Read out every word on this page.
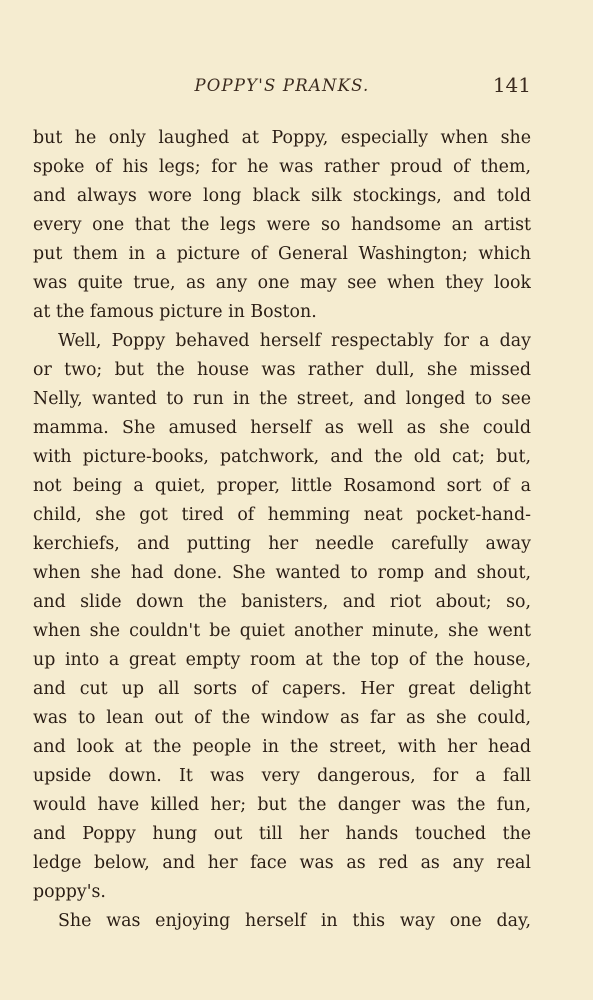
POPPY'S PRANKS.	141
but he only laughed at Poppy, especially when she
spoke of his legs; for he was rather proud of them,
and always wore long black silk stockings, and told
every one that the legs were so handsome an artist
put them in a picture of General Washington; which
was quite true, as any one may see when they look
at the famous picture in Boston.
Well, Poppy behaved herself respectably for a day
or two; but the house was rather dull, she missed
Nelly, wanted to run in the street, and longed to see
mamma. She amused herself as well as she could
with picture-books, patchwork, and the old cat; but,
not being a quiet, proper, little Rosamond sort of a
child, she got tired of hemming neat pocket-hand-
kerchiefs, and putting her needle carefully away
when she had done. She wanted to romp and shout,
and slide down the banisters, and riot about; so,
when she couldn't be quiet another minute, she went
up into a great empty room at the top of the house,
and cut up all sorts of capers. Her great delight
was to lean out of the window as far as she could,
and look at the people in the street, with her head
upside down. It was very dangerous, for a fall
would have killed her; but the danger was the fun,
and Poppy hung out till her hands touched the
ledge below, and her face was as red as any real
poppy's.
She was enjoying herself in this way one day,
